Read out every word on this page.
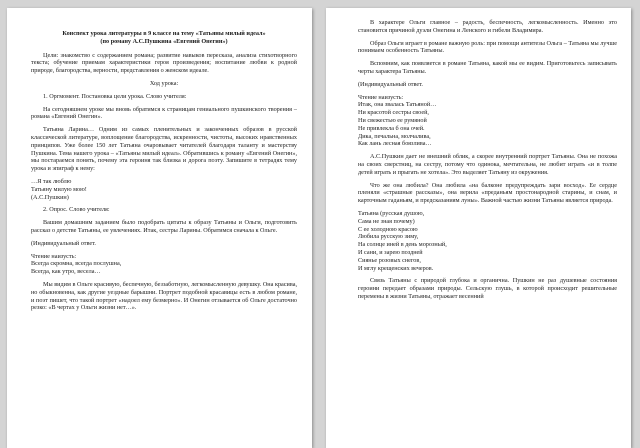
Конспект урока литературы в 9 классе на тему «Татьяны милый идеал»
(по роману А.С.Пушкина «Евгений Онегин»)

Цели: знакомство с содержанием романа; развитие навыков пересказа, анализа стихотворного текста; обучение приемам характеристики героя произведения; воспитание любви к родной природе, благородства, верности, представления о женском идеале.

Ход урока:

1. Оргмомент. Постановка цели урока. Слово учителя:

На сегодняшнем уроке мы вновь обратимся к страницам гениального пушкинского творения – романа «Евгений Онегин».

Татьяна Ларина… Одним из самых пленительных и законченных образов в русской классической литературе, воплощение благородства, искренности, чистоты, высоких нравственных принципов. Уже более 150 лет Татьяна очаровывает читателей благодаря таланту и мастерству Пушкина. Тема нашего урока – «Татьяны милый идеал». Обратившись к роману «Евгений Онегин», мы постараемся понять, почему эта героиня так близка и дорога поэту. Запишите в тетрадях тему урока и эпиграф к нему:

…Я так люблю
Татьяну милую мою!
(А.С.Пушкин)

2. Опрос. Слово учителя:

Вашим домашним заданием было подобрать цитаты к образу Татьяны и Ольги, подготовить рассказ о детстве Татьяны, ее увлечениях. Итак, сестры Ларины. Обратимся сначала к Ольге.

(Индивидуальный ответ.

Чтение наизусть:
Всегда скромна, всегда послушна,
Всегда, как утро, весела…

Мы видим в Ольге красивую, беспечную, беззаботную, легкомысленную девушку. Она красива, но обыкновенна, как другие уездные барышни. Портрет подобной красавицы есть в любом романе, и поэт пишет, что такой портрет «надоел ему безмерно». И Онегин отзывается об Ольге достаточно резко: «В чертах у Ольги жизни нет…».

В характере Ольги главное – радость, беспечность, легкомысленность. Именно это становится причиной дуэли Онегина и Ленского и гибели Владимира.

Образ Ольги играет в романе важную роль: при помощи антитезы Ольга – Татьяна мы лучше понимаем особенность Татьяны.

Вспомним, как появляется в романе Татьяна, какой мы ее видим. Приготовьтесь записывать черты характера Татьяны.

(Индивидуальный ответ.

Чтение наизусть:
Итак, она звалась Татьяной…
Ни красотой сестры своей,
Ни свежестью ее румяной
Не привлекла б она очей.
Дика, печальна, молчалива,
Как лань лесная боязлива…

А.С.Пушкин дает не внешний облик, а скорее внутренний портрет Татьяны. Она не похожа на своих сверстниц, на сестру, потому что одинока, мечтательна, не любит играть «и в толпе детей играть и прыгать не хотела». Это выделяет Татьяну из окружения.

Что же она любила? Она любила «на балконе предупреждать зари восход». Ее сердце пленяли «страшные рассказы», она верила «преданьям простонародной старины, и снам, и карточным гаданьям, и предсказаниям луны». Важной частью жизни Татьяны является природа.

Татьяна (русская душою,
Сама не зная почему)
С ее холодною красою
Любила русскую зиму,
На солнце иней в день морозный,
И сани, и зарею поздней
Сиянье розовых снегов,
И мглу крещенских вечеров.

Связь Татьяны с природой глубока и органична. Пушкин не раз душевные состояния героини передает образами природы. Сельскую глушь, в которой происходит решительные перемены в жизни Татьяны, отражает весенний
